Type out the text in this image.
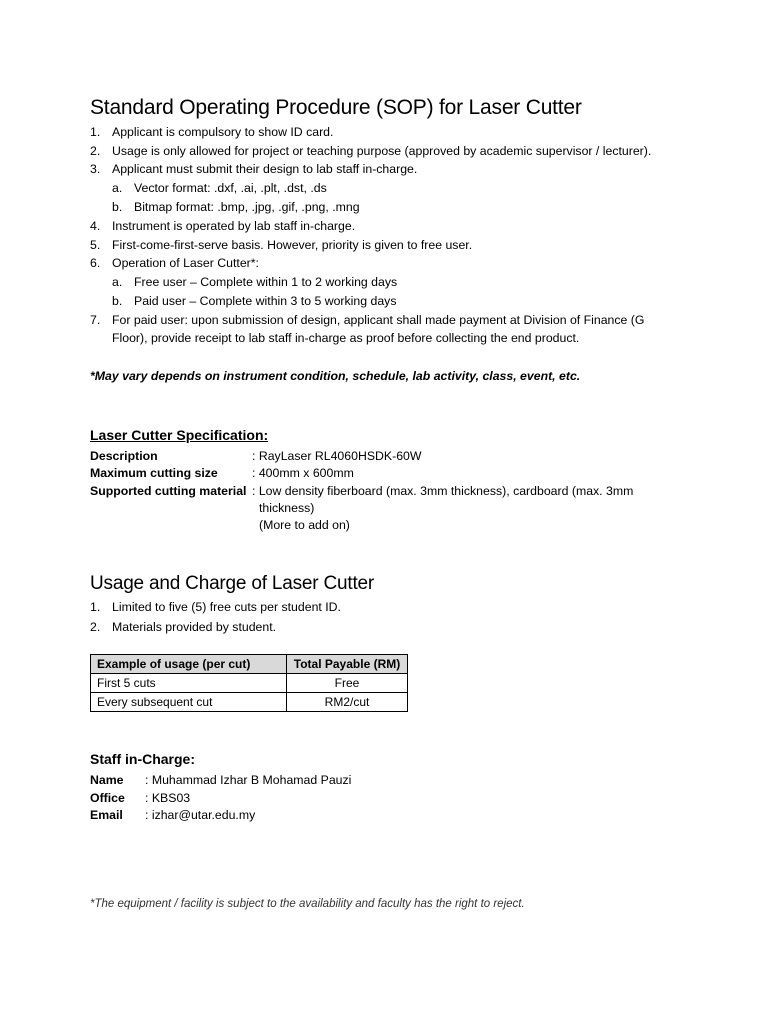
Standard Operating Procedure (SOP) for Laser Cutter
1. Applicant is compulsory to show ID card.
2. Usage is only allowed for project or teaching purpose (approved by academic supervisor / lecturer).
3. Applicant must submit their design to lab staff in-charge.
a. Vector format: .dxf, .ai, .plt, .dst, .ds
b. Bitmap format: .bmp, .jpg, .gif, .png, .mng
4. Instrument is operated by lab staff in-charge.
5. First-come-first-serve basis. However, priority is given to free user.
6. Operation of Laser Cutter*:
a. Free user – Complete within 1 to 2 working days
b. Paid user – Complete within 3 to 5 working days
7. For paid user: upon submission of design, applicant shall made payment at Division of Finance (G
Floor), provide receipt to lab staff in-charge as proof before collecting the end product.
*May vary depends on instrument condition, schedule, lab activity, class, event, etc.
Laser Cutter Specification:
Description	: RayLaser RL4060HSDK-60W
Maximum cutting size	: 400mm x 600mm
Supported cutting material : Low density fiberboard (max. 3mm thickness), cardboard (max. 3mm
thickness)
(More to add on)
Usage and Charge of Laser Cutter
1. Limited to five (5) free cuts per student ID.
2. Materials provided by student.
Example of usage (per cut)	Total Payable (RM)
First 5 cuts	Free
Every subsequent cut	RM2/cut
Staff in-Charge:
Name : Muhammad Izhar B Mohamad Pauzi
Office : KBS03
Email : izhar@utar.edu.my
*The equipment / facility is subject to the availability and faculty has the right to reject.
